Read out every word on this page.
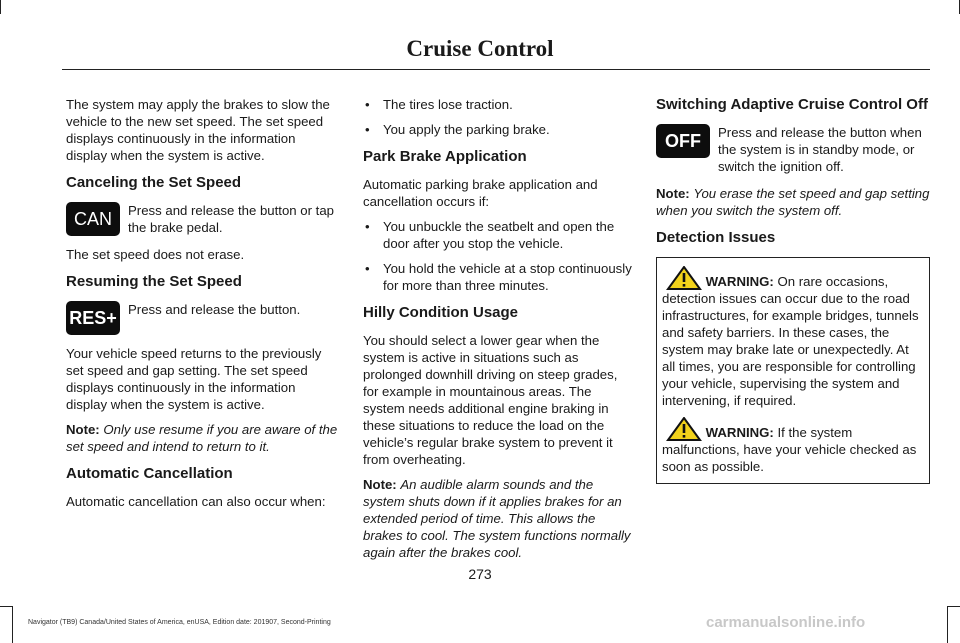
Cruise Control

The system may apply the brakes to slow the vehicle to the new set speed. The set speed displays continuously in the information display when the system is active.

Canceling the Set Speed
CAN	Press and release the button or tap the brake pedal.

The set speed does not erase.

Resuming the Set Speed
RES+ Press and release the button.

Your vehicle speed returns to the previously set speed and gap setting. The set speed displays continuously in the information display when the system is active.

Note: Only use resume if you are aware of the set speed and intend to return to it.

Automatic Cancellation

Automatic cancellation can also occur when:

• The tires lose traction.
• You apply the parking brake.
Park Brake Application

Automatic parking brake application and cancellation occurs if:

• You unbuckle the seatbelt and open the door after you stop the vehicle.
• You hold the vehicle at a stop continuously for more than three minutes.
Hilly Condition Usage

You should select a lower gear when the system is active in situations such as prolonged downhill driving on steep grades, for example in mountainous areas. The system needs additional engine braking in these situations to reduce the load on the vehicle’s regular brake system to prevent it from overheating.

Note: An audible alarm sounds and the system shuts down if it applies brakes for an extended period of time. This allows the brakes to cool. The system functions normally again after the brakes cool.

Switching Adaptive Cruise Control Off
OFF	Press and release the button when the system is in standby mode, or switch the ignition off.

Note: You erase the set speed and gap setting when you switch the system off.

Detection Issues

WARNING: On rare occasions, detection issues can occur due to the road infrastructures, for example bridges, tunnels and safety barriers. In these cases, the system may brake late or unexpectedly. At all times, you are responsible for controlling your vehicle, supervising the system and intervening, if required.

WARNING: If the system malfunctions, have your vehicle checked as soon as possible.

273
Navigator (TB9) Canada/United States of America, enUSA, Edition date: 201907, Second-Printing	carmanualsonline.info
